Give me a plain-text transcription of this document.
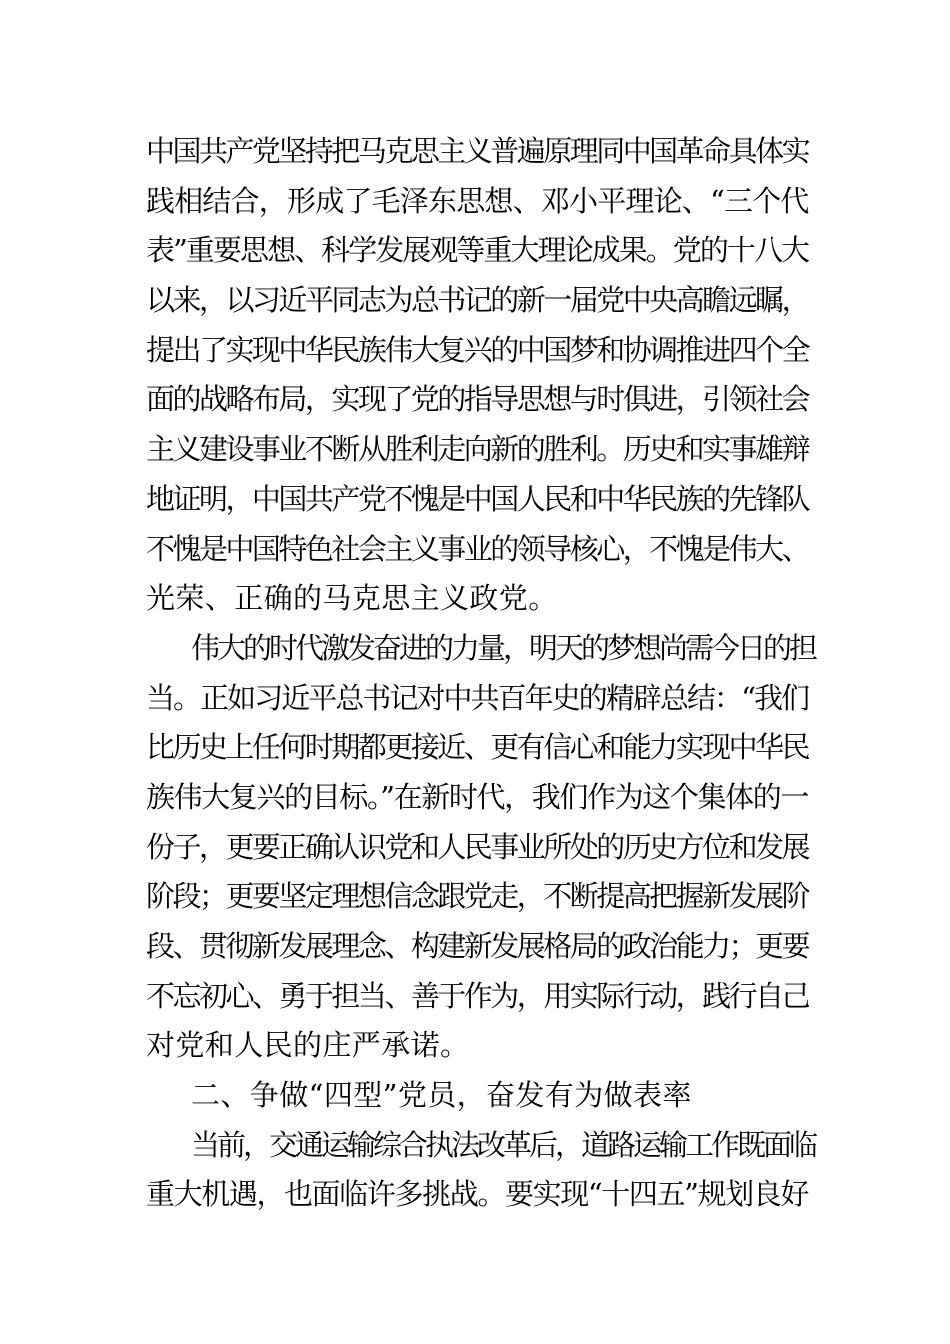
中国共产党坚持把马克思主义普遍原理同中国革命具体实
践相结合，形成了毛泽东思想、邓小平理论、“三个代
表”重要思想、科学发展观等重大理论成果。党的十八大
以来，以习近平同志为总书记的新一届党中央高瞻远瞩，
提出了实现中华民族伟大复兴的中国梦和协调推进四个全
面的战略布局，实现了党的指导思想与时俱进，引领社会
主义建设事业不断从胜利走向新的胜利。历史和实事雄辩
地证明，中国共产党不愧是中国人民和中华民族的先锋队
不愧是中国特色社会主义事业的领导核心，不愧是伟大、
光荣、正确的马克思主义政党。
伟大的时代激发奋进的力量，明天的梦想尚需今日的担
当。正如习近平总书记对中共百年史的精辟总结：“我们
比历史上任何时期都更接近、更有信心和能力实现中华民
族伟大复兴的目标。”在新时代，我们作为这个集体的一
份子，更要正确认识党和人民事业所处的历史方位和发展
阶段；更要坚定理想信念跟党走，不断提高把握新发展阶
段、贯彻新发展理念、构建新发展格局的政治能力；更要
不忘初心、勇于担当、善于作为，用实际行动，践行自己
对党和人民的庄严承诺。
二、争做“四型”党员，奋发有为做表率
当前，交通运输综合执法改革后，道路运输工作既面临
重大机遇，也面临许多挑战。要实现“十四五”规划良好
